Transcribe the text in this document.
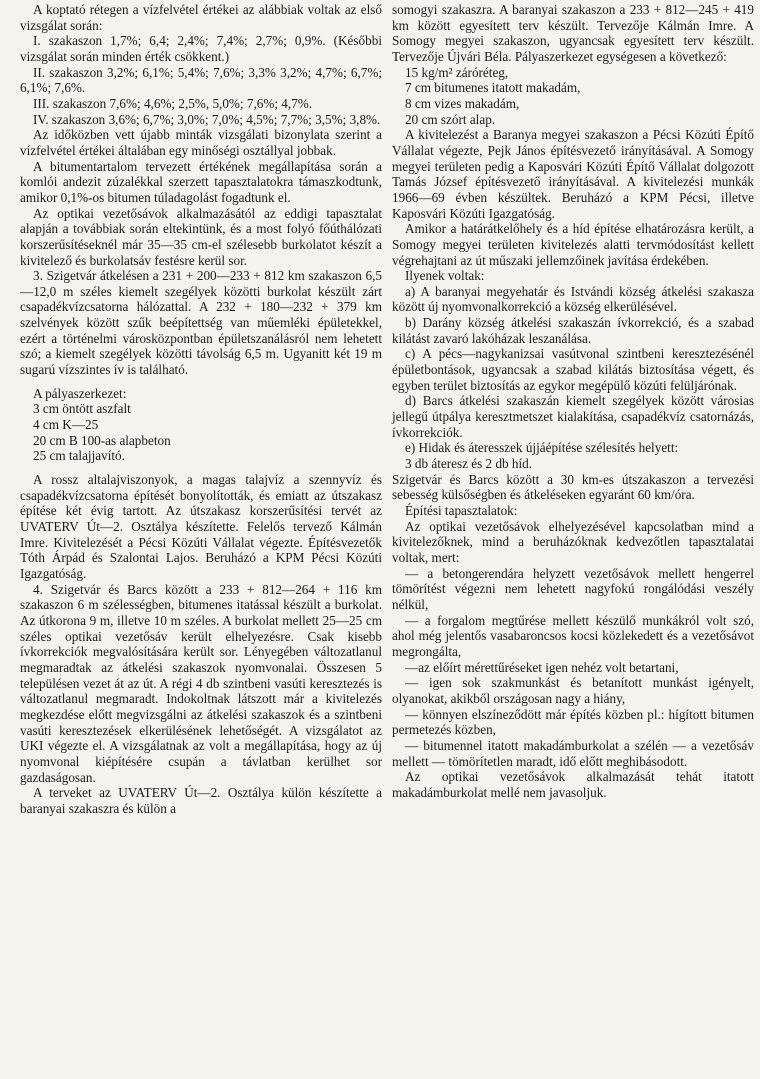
A koptató rétegen a vízfelvétel értékei az alábbiak voltak az első vizsgálat során:

I. szakaszon 1,7%; 6,4; 2,4%; 7,4%; 2,7%; 0,9%. (Későbbi vizsgálat során minden érték csökkent.)

II. szakaszon 3,2%; 6,1%; 5,4%; 7,6%; 3,3% 3,2%; 4,7%; 6,7%; 6,1%; 7,6%.

III. szakaszon 7,6%; 4,6%; 2,5%, 5,0%; 7,6%; 4,7%.

IV. szakaszon 3,6%; 6,7%; 3,0%; 7,0%; 4,5%; 7,7%; 3,5%; 3,8%.

Az időközben vett újabb minták vizsgálati bizonylata szerint a vízfelvétel értékei általában egy minőségi osztállyal jobbak.

A bitumentartalom tervezett értékének megállapítása során a komlói andezit zúzalékkal szerzett tapasztalatokra támaszkodtunk, amikor 0,1%-os bitumen túladagolást fogadtunk el.

Az optikai vezetősávok alkalmazásától az eddigi tapasztalat alapján a továbbiak során eltekintünk, és a most folyó főúthálózati korszerűsítéseknél már 35—35 cm-el szélesebb burkolatot készít a kivitelező és burkolatsáv festésre kerül sor.

3. Szigetvár átkelésen a 231 + 200—233 + 812 km szakaszon 6,5—12,0 m széles kiemelt szegélyek közötti burkolat készült zárt csapadékvízcsatorna hálózattal. A 232 + 180—232 + 379 km szelvények között szűk beépítettség van műemléki épületekkel, ezért a történelmi városközpontban épületszanálásról nem lehetett szó; a kiemelt szegélyek közötti távolság 6,5 m. Ugyanitt két 19 m sugarú vízszintes ív is található.

A pályaszerkezet:

3 cm öntött aszfalt
4 cm K—25
20 cm B 100-as alapbeton
25 cm talajjavító.

A rossz altalajviszonyok, a magas talajvíz a szennyvíz és csapadékvízcsatorna építését bonyolították, és emiatt az útszakasz építése két évig tartott. Az útszakasz korszerűsítési tervét az UVATERV Út—2. Osztálya készítette. Felelős tervező Kálmán Imre. Kivitelezését a Pécsi Közúti Vállalat végezte. Építésvezetők Tóth Árpád és Szalontai Lajos. Beruházó a KPM Pécsi Közúti Igazgatóság.

4. Szigetvár és Barcs között a 233 + 812—264 + 116 km szakaszon 6 m szélességben, bitumenes itatással készült a burkolat. Az útkorona 9 m, illetve 10 m széles. A burkolat mellett 25—25 cm széles optikai vezetősáv került elhelyezésre. Csak kisebb ívkorrekciók megvalósítására került sor. Lényegében változatlanul megmaradtak az átkelési szakaszok nyomvonalai. Összesen 5 településen vezet át az út. A régi 4 db szintbeni vasúti keresztezés is változatlanul megmaradt. Indokoltnak látszott már a kivitelezés megkezdése előtt megvizsgálni az átkelési szakaszok és a szintbeni vasúti keresztezések elkerülésének lehetőségét. A vizsgálatot az UKI végezte el. A vizsgálatnak az volt a megállapítása, hogy az új nyomvonal kiépítésére csupán a távlatban kerülhet sor gazdaságosan.

A terveket az UVATERV Út—2. Osztálya külön készítette a baranyai szakaszra és külön a

somogyi szakaszra. A baranyai szakaszon a 233 + 812—245 + 419 km között egyesített terv készült. Tervezője Kálmán Imre. A Somogy megyei szakaszon, ugyancsak egyesített terv készült. Tervezője Újvári Béla. Pályaszerkezet egységesen a következő:

15 kg/m² záróréteg,
7 cm bitumenes itatott makadám,
8 cm vizes makadám,
20 cm szórt alap.

A kivitelezést a Baranya megyei szakaszon a Pécsi Közúti Építő Vállalat végezte, Pejk János építésvezető irányításával. A Somogy megyei területen pedig a Kaposvári Közúti Építő Vállalat dolgozott Tamás József építésvezető irányításával. A kivitelezési munkák 1966—69 évben készültek. Beruházó a KPM Pécsi, illetve Kaposvári Közúti Igazgatóság.

Amikor a határátkelőhely és a híd építése elhatározásra került, a Somogy megyei területen kivitelezés alatti tervmódosítást kellett végrehajtani az út műszaki jellemzőinek javítása érdekében.

Ilyenek voltak:

a) A baranyai megyehatár és Istvándi község átkelési szakasza között új nyomvonalkorrekció a község elkerülésével.

b) Darány község átkelési szakaszán ívkorrekció, és a szabad kilátást zavaró lakóházak leszanálása.

c) A pécs—nagykanizsai vasútvonal szintbeni keresztezésénél épületbontások, ugyancsak a szabad kilátás biztosítása végett, és egyben terület biztosítás az egykor megépülő közúti felüljárónak.

d) Barcs átkelési szakaszán kiemelt szegélyek között városias jellegű útpálya keresztmetszet kialakítása, csapadékvíz csatornázás, ívkorrekciók.

e) Hidak és áteresszek újjáépítése szélesítés helyett:

3 db áteresz és 2 db híd.

Szigetvár és Barcs között a 30 km-es útszakaszon a tervezési sebesség külsőségben és átkeléseken egyaránt 60 km/óra.

Építési tapasztalatok:

Az optikai vezetősávok elhelyezésével kapcsolatban mind a kivitelezőknek, mind a beruházóknak kedvezőtlen tapasztalatai voltak, mert:

— a betongerendára helyzett vezetősávok mellett hengerrel tömörítést végezni nem lehetett nagyfokú rongálódási veszély nélkül,

— a forgalom megtűrése mellett készülő munkákról volt szó, ahol még jelentős vasabaroncsos kocsi közlekedett és a vezetősávot megrongálta,

—az előírt mérettűréseket igen nehéz volt betartani,

— igen sok szakmunkást és betanított munkást igényelt, olyanokat, akikből országosan nagy a hiány,

— könnyen elszíneződött már építés közben pl.: hígított bitumen permetezés közben,

— bitumennel itatott makadámburkolat a szélén — a vezetősáv mellett — tömörítetlen maradt, idő előtt meghibásodott.

Az optikai vezetősávok alkalmazását tehát itatott makadámburkolat mellé nem javasoljuk.
